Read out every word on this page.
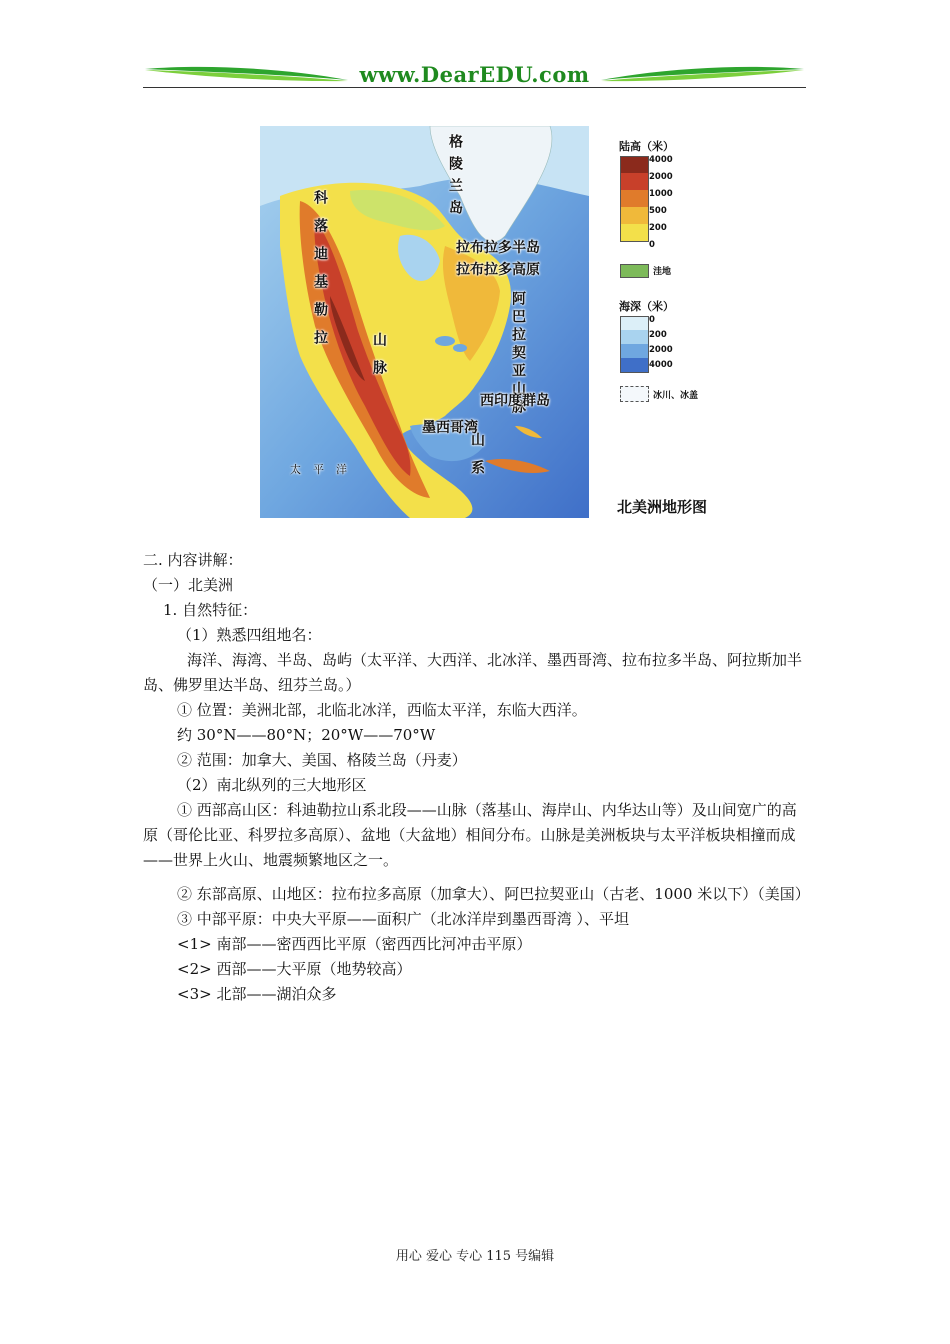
www.DearEDU.com
格陵兰岛
拉布拉多半岛
拉布拉多高原
阿巴拉契亚山脉
西印度群岛
科落迪基勒拉
山脉
山系
墨西哥湾
太平洋
陆高（米）
4000
2000
1000
500
200
0
洼地
海深（米）
0
200
2000
4000
冰川、冰盖
北美洲地形图

二. 内容讲解：

（一）北美洲

1. 自然特征：

（1）熟悉四组地名：

海洋、海湾、半岛、岛屿（太平洋、大西洋、北冰洋、墨西哥湾、拉布拉多半岛、阿拉斯加半岛、佛罗里达半岛、纽芬兰岛。）

① 位置：美洲北部，北临北冰洋，西临太平洋，东临大西洋。

约 30°N——80°N；20°W——70°W

② 范围：加拿大、美国、格陵兰岛（丹麦）

（2）南北纵列的三大地形区

① 西部高山区：科迪勒拉山系北段——山脉（落基山、海岸山、内华达山等）及山间宽广的高原（哥伦比亚、科罗拉多高原）、盆地（大盆地）相间分布。山脉是美洲板块与太平洋板块相撞而成——世界上火山、地震频繁地区之一。

② 东部高原、山地区：拉布拉多高原（加拿大）、阿巴拉契亚山（古老、1000 米以下）（美国）

③ 中部平原：中央大平原——面积广（北冰洋岸到墨西哥湾 ）、平坦

<1> 南部——密西西比平原（密西西比河冲击平原）

<2> 西部——大平原（地势较高）

<3> 北部——湖泊众多

用心 爱心 专心 115 号编辑
